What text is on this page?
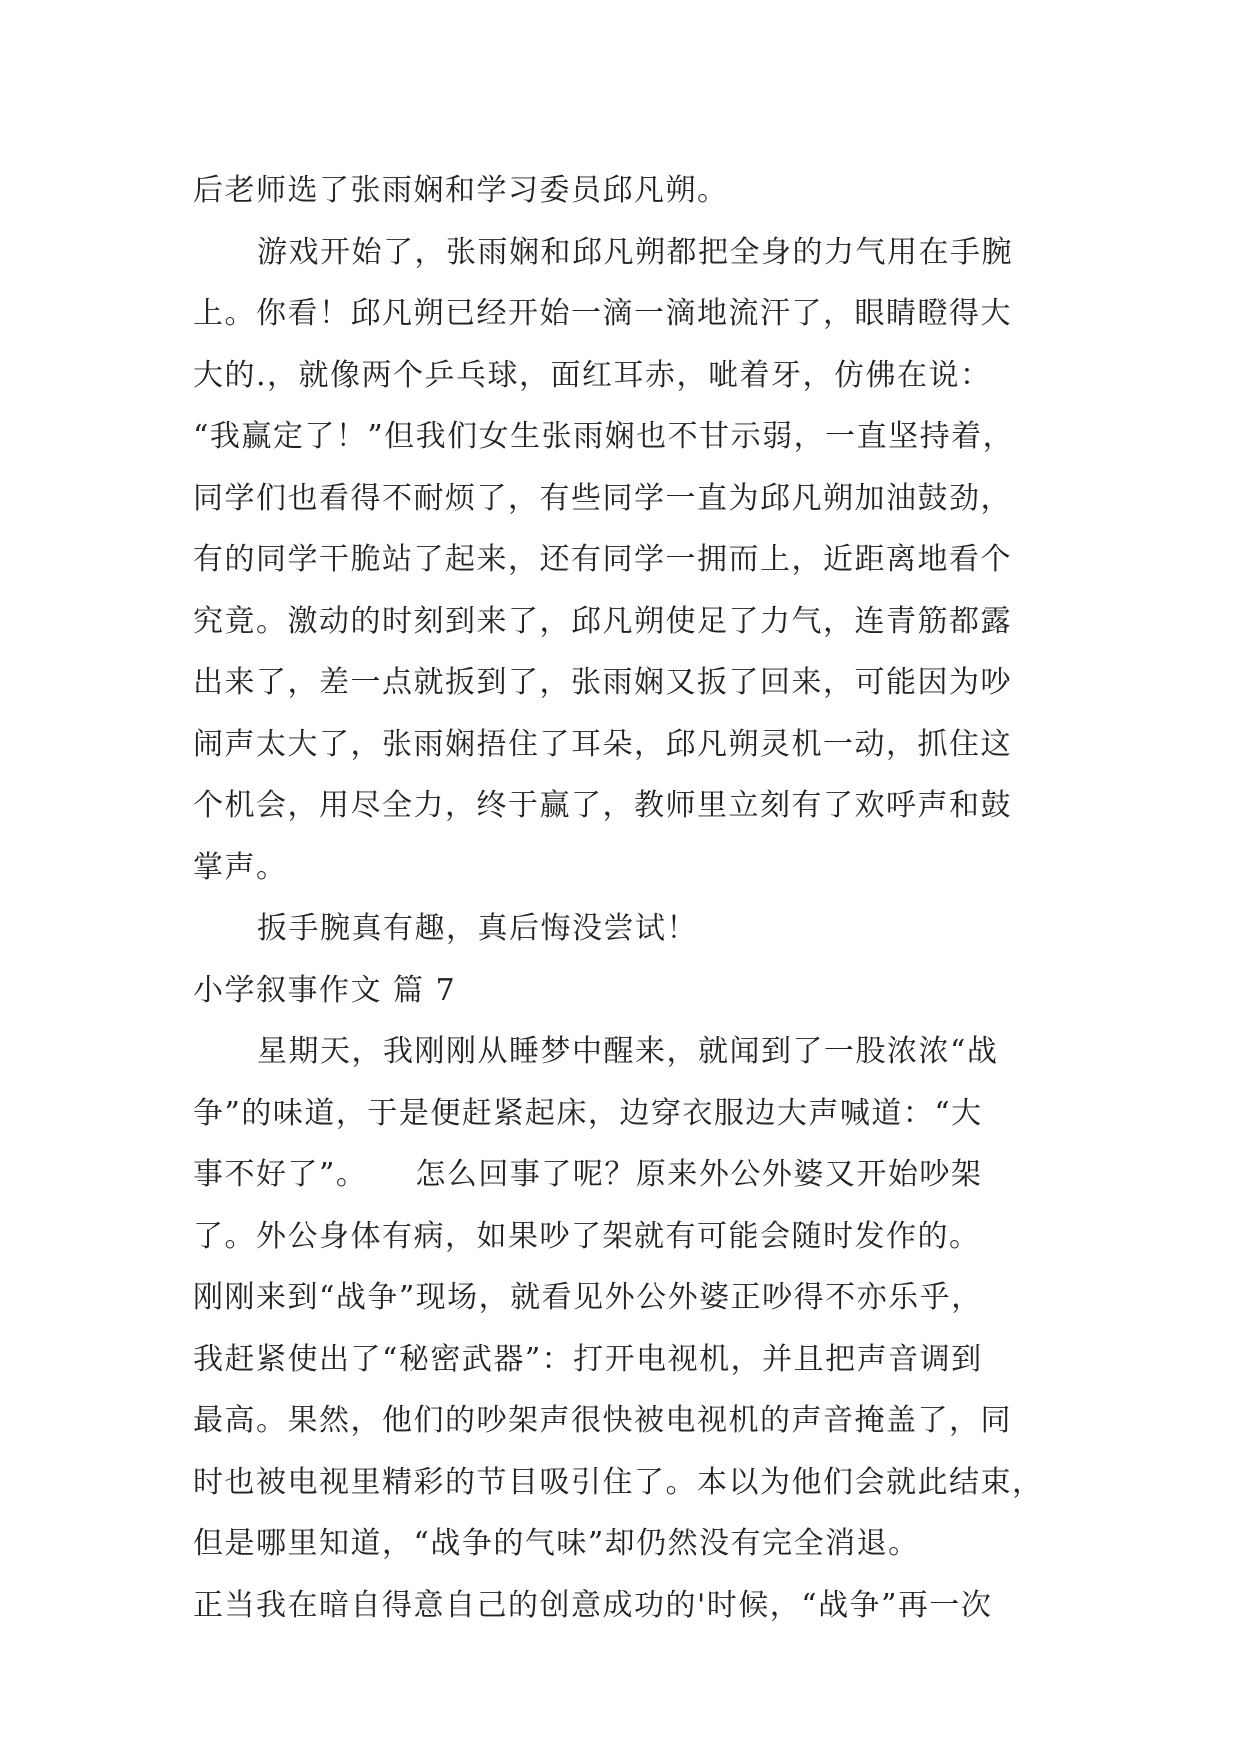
后老师选了张雨娴和学习委员邱凡朔。
游戏开始了，张雨娴和邱凡朔都把全身的力气用在手腕
上。你看！邱凡朔已经开始一滴一滴地流汗了，眼睛瞪得大
大的.，就像两个乒乓球，面红耳赤，呲着牙，仿佛在说：
“我赢定了！”但我们女生张雨娴也不甘示弱，一直坚持着，
同学们也看得不耐烦了，有些同学一直为邱凡朔加油鼓劲，
有的同学干脆站了起来，还有同学一拥而上，近距离地看个
究竟。激动的时刻到来了，邱凡朔使足了力气，连青筋都露
出来了，差一点就扳到了，张雨娴又扳了回来，可能因为吵
闹声太大了，张雨娴捂住了耳朵，邱凡朔灵机一动，抓住这
个机会，用尽全力，终于赢了，教师里立刻有了欢呼声和鼓
掌声。
扳手腕真有趣，真后悔没尝试！
小学叙事作文 篇 7
星期天，我刚刚从睡梦中醒来，就闻到了一股浓浓“战
争”的味道，于是便赶紧起床，边穿衣服边大声喊道：“大
事不好了”。　　怎么回事了呢？原来外公外婆又开始吵架
了。外公身体有病，如果吵了架就有可能会随时发作的。
刚刚来到“战争”现场，就看见外公外婆正吵得不亦乐乎，
我赶紧使出了“秘密武器”：打开电视机，并且把声音调到
最高。果然，他们的吵架声很快被电视机的声音掩盖了，同
时也被电视里精彩的节目吸引住了。本以为他们会就此结束，
但是哪里知道，“战争的气味”却仍然没有完全消退。
正当我在暗自得意自己的创意成功的'时候，“战争”再一次
